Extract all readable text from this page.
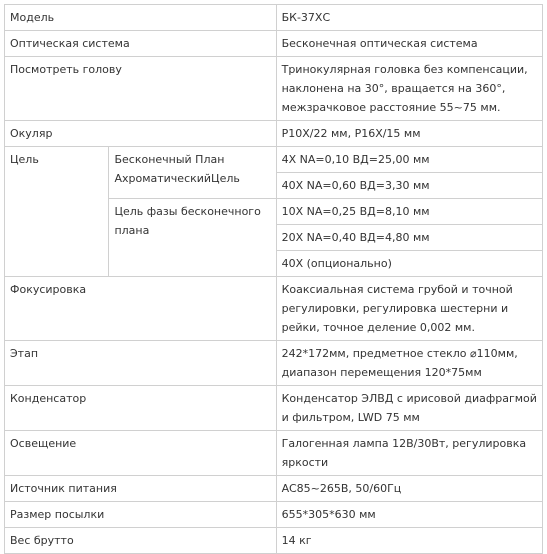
Модель		БК-37ХС
Оптическая система		Бесконечная оптическая система
Посмотреть голову		Тринокулярная головка без компенсации, наклонена на 30°, вращается на 360°, межзрачковое расстояние 55~75 мм.
Окуляр		P10X/22 мм, P16X/15 мм
Цель	Бесконечный План АхроматическийЦель	4X NA=0,10 ВД=25,00 мм
		40X NA=0,60 ВД=3,30 мм
	Цель фазы бесконечного плана	10X NA=0,25 ВД=8,10 мм
		20X NA=0,40 ВД=4,80 мм
		40X (опционально)
Фокусировка		Коаксиальная система грубой и точной регулировки, регулировка шестерни и рейки, точное деление 0,002 мм.
Этап		242*172мм, предметное стекло ⌀110мм, диапазон перемещения 120*75мм
Конденсатор		Конденсатор ЭЛВД с ирисовой диафрагмой и фильтром, LWD 75 мм
Освещение		Галогенная лампа 12В/30Вт, регулировка яркости
Источник питания		AC85~265В, 50/60Гц
Размер посылки		655*305*630 мм
Вес брутто		14 кг
